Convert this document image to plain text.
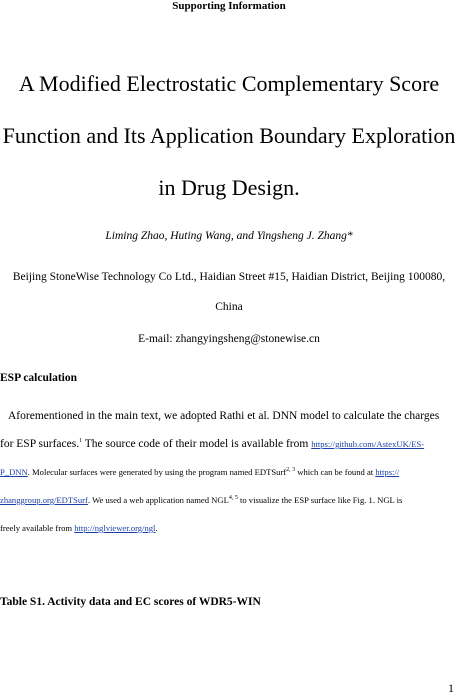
Supporting Information
A Modified Electrostatic Complementary Score
Function and Its Application Boundary Exploration
in Drug Design.
Liming Zhao, Huting Wang, and Yingsheng J. Zhang*
Beijing StoneWise Technology Co Ltd., Haidian Street #15, Haidian District, Beijing 100080,
China
E-mail: zhangyingsheng@stonewise.cn
ESP calculation
Aforementioned in the main text, we adopted Rathi et al. DNN model to calculate the charges
for ESP surfaces.$^1$ The source code of their model is available from https://github.com/AstexUK/ES-
P_DNN. Molecular surfaces were generated by using the program named EDTSurf$^{2, 3}$ which can be found at https://
zhanggroup.org/EDTSurf. We used a web application named NGL$^{4, 5}$ to visualize the ESP surface like Fig. 1. NGL is
freely available from http://nglviewer.org/ngl.
Table S1. Activity data and EC scores of WDR5-WIN
1
